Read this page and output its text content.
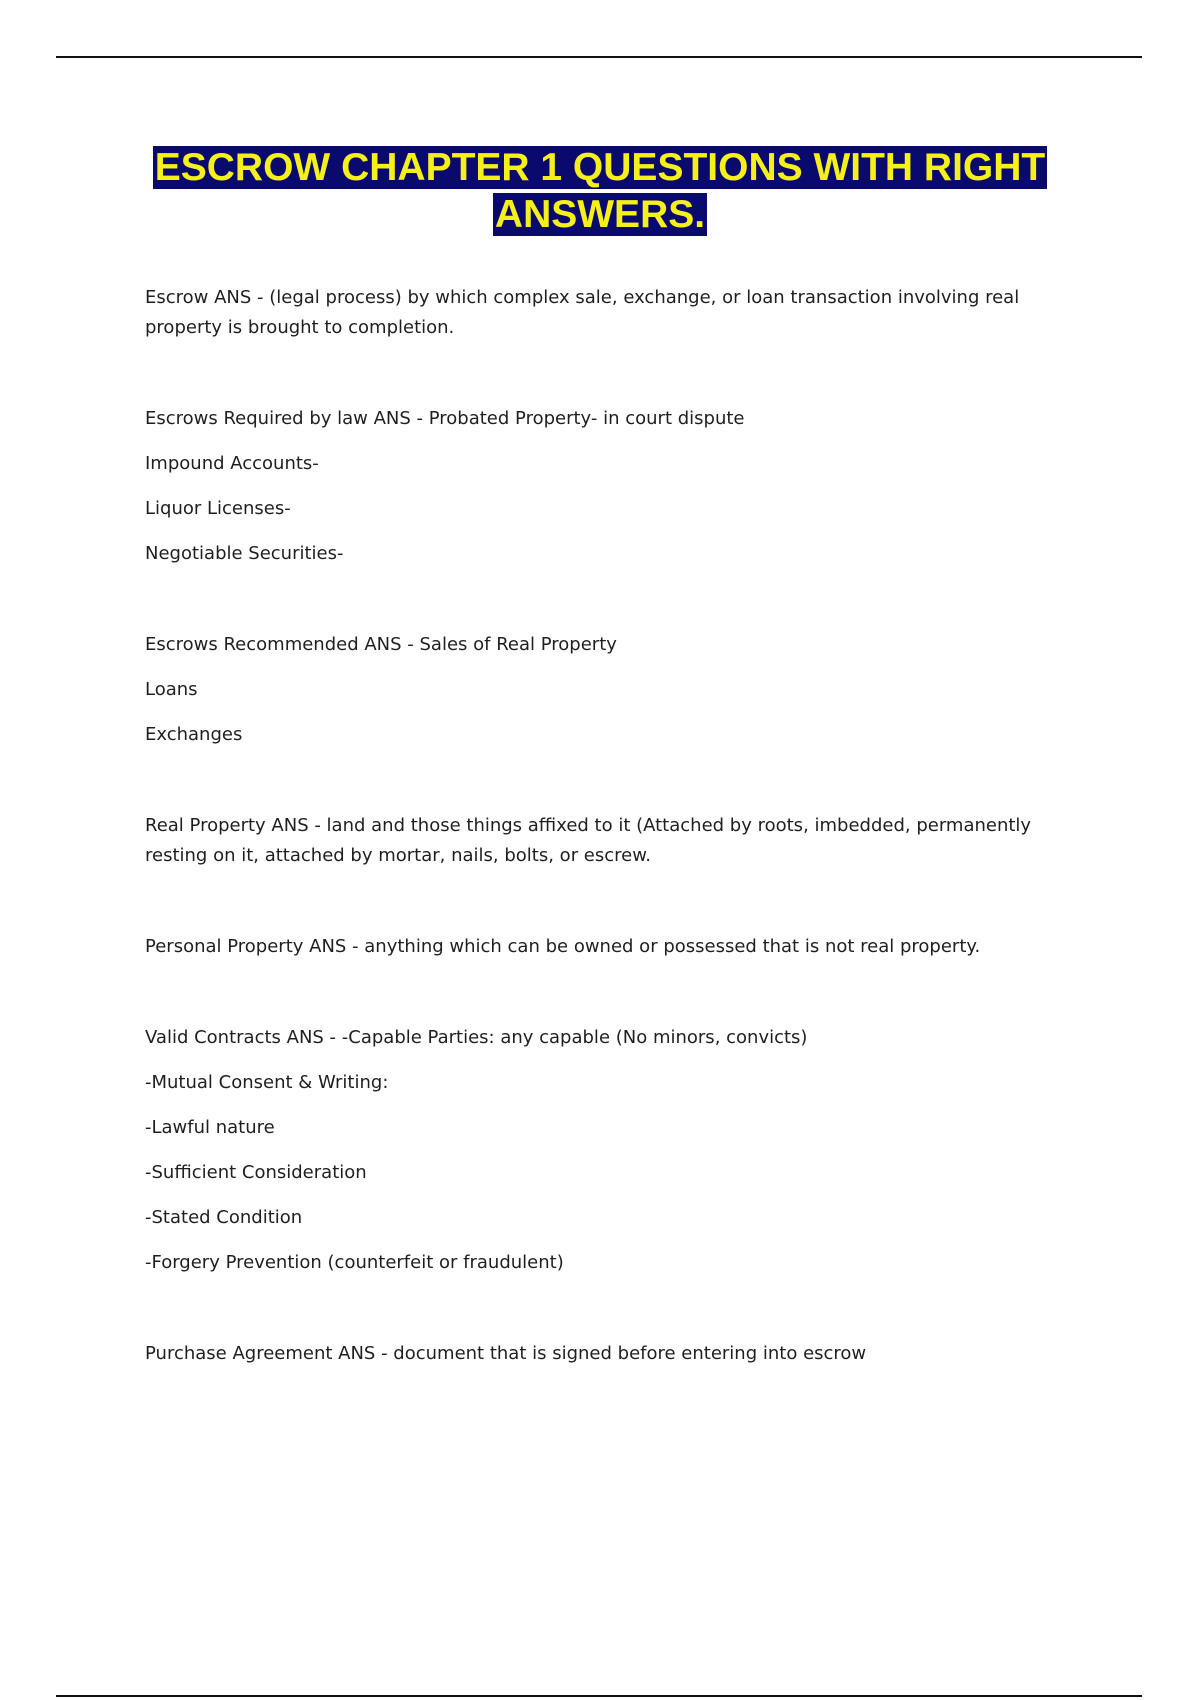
ESCROW CHAPTER 1 QUESTIONS WITH RIGHT ANSWERS.

Escrow ANS - (legal process) by which complex sale, exchange, or loan transaction involving real property is brought to completion.

Escrows Required by law ANS - Probated Property- in court dispute

Impound Accounts-

Liquor Licenses-

Negotiable Securities-

Escrows Recommended ANS - Sales of Real Property

Loans

Exchanges

Real Property ANS - land and those things affixed to it (Attached by roots, imbedded, permanently resting on it, attached by mortar, nails, bolts, or escrew.

Personal Property ANS - anything which can be owned or possessed that is not real property.

Valid Contracts ANS - -Capable Parties: any capable (No minors, convicts)

-Mutual Consent & Writing:

-Lawful nature

-Sufficient Consideration

-Stated Condition

-Forgery Prevention (counterfeit or fraudulent)

Purchase Agreement ANS - document that is signed before entering into escrow
